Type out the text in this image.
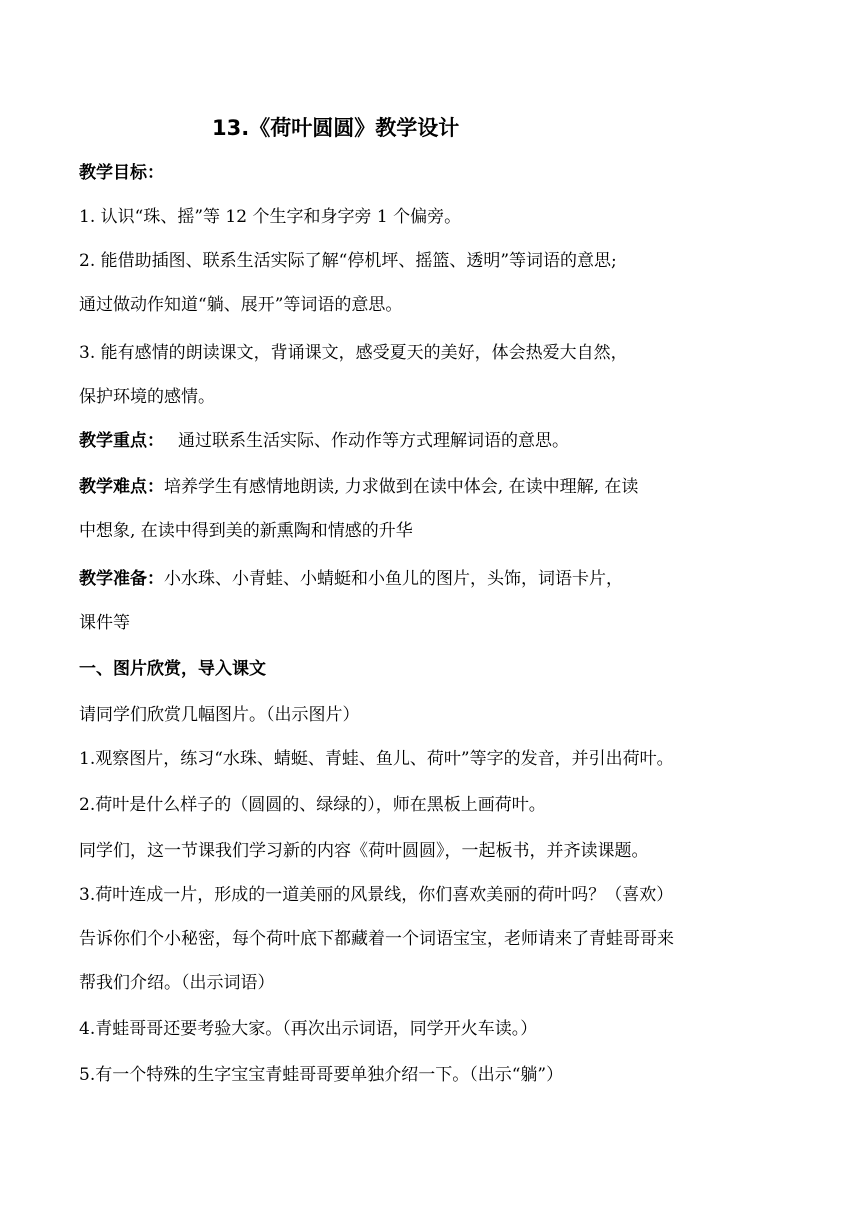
13.《荷叶圆圆》教学设计
教学目标：
1. 认识“珠、摇”等 12 个生字和身字旁 1 个偏旁。
2. 能借助插图、联系生活实际了解“停机坪、摇篮、透明”等词语的意思;
通过做动作知道“躺、展开”等词语的意思。
3. 能有感情的朗读课文，背诵课文，感受夏天的美好，体会热爱大自然，
保护环境的感情。
教学重点： 通过联系生活实际、作动作等方式理解词语的意思。
教学难点：培养学生有感情地朗读, 力求做到在读中体会, 在读中理解, 在读
中想象, 在读中得到美的新熏陶和情感的升华
教学准备：小水珠、小青蛙、小蜻蜓和小鱼儿的图片，头饰，词语卡片，
课件等
一、图片欣赏，导入课文
请同学们欣赏几幅图片。（出示图片）
1.观察图片，练习“水珠、蜻蜓、青蛙、鱼儿、荷叶”等字的发音，并引出荷叶。
2.荷叶是什么样子的（圆圆的、绿绿的），师在黑板上画荷叶。
同学们，这一节课我们学习新的内容《荷叶圆圆》，一起板书，并齐读课题。
3.荷叶连成一片，形成的一道美丽的风景线，你们喜欢美丽的荷叶吗？（喜欢）
告诉你们个小秘密，每个荷叶底下都藏着一个词语宝宝，老师请来了青蛙哥哥来
帮我们介绍。（出示词语）
4.青蛙哥哥还要考验大家。（再次出示词语，同学开火车读。）
5.有一个特殊的生字宝宝青蛙哥哥要单独介绍一下。（出示“躺”）
